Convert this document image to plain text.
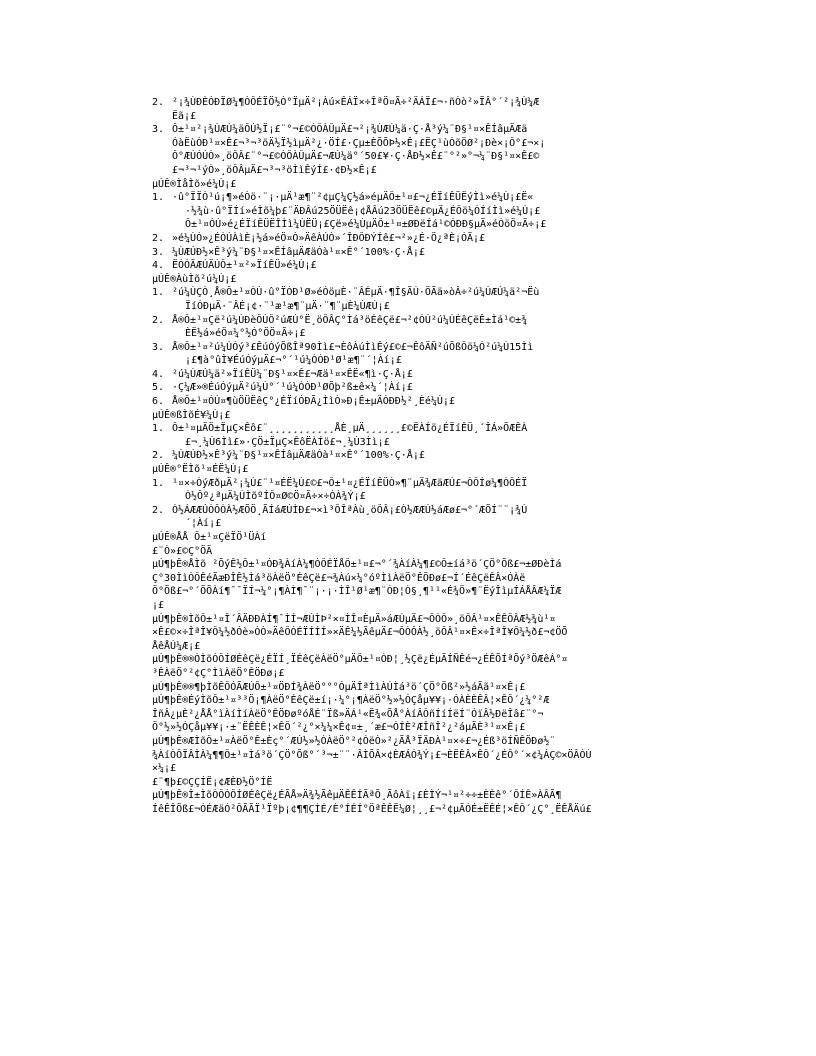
2. ²¡¾ÙÐÈÓÐÏØ¼¶ÒÔÉÏÖ½Ó°ÏµÄ²¡Àú×ÊÁÏ×÷ÎªÖ¤Ã÷²ÄÁÏ£¬·ñÒò²»ÏÂ°´²¡¾Ù¼Æ
Ëã¡£
3. Ô±¹¤²¡¾ÙÆÚ¼äÔÚ½Ï¡£¨°¬£©ÒÔÀÛµÄ£¬²¡¾ÙÆÚ¼ä·Ç·Å³ý¼¨Ð§¹¤×ÊÍâµÄÆä
ÓàËùÓÐ¹¤×Ê£¬³¬³öÄ½Ï½ìµÄ²¿·ÖÍ£·Çµ±ÈÕÕÞ½×Ê¡£ËÇ¹ùÒõÖØ²¡Ðè×¡Ô°£¬×¡
Ô°ÆÚÓÚÒ»¸öÔÂ£¨°¬£©ÒÔÀÛµÄ£¬ÆÚ¼ä°´50£¥·Ç·ÅÐ½×Ê£¨°²»°¬¼¨Ð§¹¤×Ê£©
£¬³¬¹ýÒ»¸öÔÂµÄ£¬³¬³öÌìÊýÍ£·¢Ð½×Ê¡£
µÚÊ®ÌåÌõ»é¼Ù¡£
1. ·û°ÏÏÒ¹ú¡¶»éÒö·¨¡·µÄ¹æ¶¨²¢µÇ¼Ç½á»éµÄÔ±¹¤£¬¿ÉÏíÊÜËýÌì»é¼Ù¡£Ë«
·½¾ù·û°ÏÍí»éÌõ¼þ£¨ÄÐÂú25ÖÜËê¡¢ÅÂú23ÖÜËê£©µÄ¿ÉÔö¼ÓÍíÌì»é¼Ù¡£
Ô±¹¤ÓÚ»é¿ÉÏíÊÜËÎÌì¼ÙËÜ¡£Çë»é¼ÙµÄÔ±¹¤±ØÐëÍá¹©ÓÐÐ§µÄ»éÒöÖ¤Ã÷¡£
2. »é¼ÙÓ»¿ÉÒÚÀìÈ¡½á»éÖ¤Ò»ÄêÀÚÒ»´ÎÐÔÐÝÍê£¬²»¿É·Ö¿ªÈ¡ÓÃ¡£
3. ¼ÙÆÚÐ½×Ê³ý¼¨Ð§¹¤×ÊÍâµÄÆäÓà¹¤×Ê°´100%·Ç·Å¡£
4. ËÓÓÃÆÚÄÚÔ±¹¤²»ÏíÊÜ»é¼Ù¡£
µÚÊ®ÀùÌõ²ú¼Ù¡£
1. ²ú¼ÙÇÒ¸Å®Ô±¹¤ÒÚ·û°ÏÓÐ¹Ø»éÒöµÈ·¨ÂÉµÄ·¶Î§ÃÚ·ÖÃä»òÂ÷²ú¼ÙÆÚ¼ä²¬Ëù
ÏíÓÐµÄ·¨ÂÉ¡¢·¨¹æ¹æ¶¨µÄ·¨¶¨µÈ¼ÙÆÚ¡£
2. Å®Ô±¹¤Çë²ú¼ÙÐèÔÚÔ²úÆÚ°Ë¸öÔÂÇ°Ìá³öÉêÇë£¬²¢ÓÚ²ú¼ÙÉêÇëÊ±Ìá¹©±¾
ÈË½á»éÖ¤¼°½Ó°ÖÖ¤Ã÷¡£
3. Å®Ô±¹¤²ú¼ÙÒý³£ÊúÓýÕßÎª90Ìì£¬ÈôÀúÌìÊý£©£¬ÊôÄÑ²úÕßÔö¼Ó²ú¼Ù15Ìì
¡£¶à°ûÌ¥ÉúÓýµÄ£¬°´¹ú¼ÒÓÐ¹Ø¹æ¶¨´¦Àí¡£
4. ²ú¼ÙÆÚ¼ä²»ÏíÊÜ¼¨Ð§¹¤×Ê£¬Æä¹¤×ÊË«¶ì·Ç·Å¡£
5. ·Ç¼Æ»®ÉúÓýµÄ²ú¼Ù°´¹ú¼ÒÓÐ¹ØÕþ²ß±ê×¼´¦Àí¡£
6. Å®Ô±¹¤ÓÚ¤¶ùÖÜËêÇ°¿ÉÏíÓÐÃ¿ÌìÒ»Ð¡Ê±µÄÓÐÐ½²¸Èé¼Ù¡£
µÚÊ®ßÌõÉ¥¼Ù¡£
1. Ô±¹¤µÄÖ±ÏµÇ×Êô£¨¸¸¸¸¸¸¸¸¸¸¸ÅÈ¸µÄ¸¸¸¸¸¸£©ËÀÍö¿ÉÏíÊÜ¸´ÎÁ»ÕÆÊÀ
£¬¸¼Ù6Ìì£»·ÇÖ±ÏµÇ×ÊôËÀÍö£¬¸¼Ù3Ìì¡£
2. ¼ÙÆÚÐ½×Ê³ý¼¨Ð§¹¤×ÊÍâµÄÆäÓà¹¤×Ê°´100%·Ç·Å¡£
µÚÊ®°ËÌõ¹¤ÉË¼Ù¡£
1. ¹¤×÷ÒýÆðµÄ²¡¼Ù£¨¹¤ÉË¼Ù£©£¬Ô±¹¤¿ÉÏíÊÜÒ»¶¨µÄ¾ÆäÆÚ£¬ÒÔÍø¼¶ÒÔÉÏ
Ò½Ôº¿ªµÄ¼ÙÌõºÍÔ¤Ø©Ö¤Ã÷×÷ÒÀ¾Ý¡£
2. Ò½ÁÆÆÚÒÔÒÀ½ÆÕÖ¸ÃÍáÆÚÌÐ£¬×ì³ÔÎªÀù¸öÔÂ¡£Ò½ÆÆÚ½áÆø£¬°´ÆÕÍ¨¨¡¾Ù
´¦Àí¡£
µÚÊ®ÅÅ Ô±¹¤ÇëÏÖ¹ÜÀí
£¨Ò»£©Ç°ÖÃ
µÚ¶þÊ®ÅÌõ ²ÕýÊ½Ô±¹¤ÓÐ¾ÀíÀ¼¶ÒÔÉÏÅÔ±¹¤£¬°´¾ÀíÀ¼¶£©Ô±íá³ö´ÇÖ°Õß£¬±ØÐèÌá
Ç°30ÌìÒÔÊéÃæÐÎÊ½Ìá³öÀëÖ°ÉêÇë£¬¾Àú×¼°óºÌìÀëÖ°ÊÖÐø£¬Í´ÉêÇëÊÂ×ÓÀë
Ö°Õß£¬°´ÕÕÀí¶¯¯ÏÍ¬¼°¡¶ÀÌ¶¯¨¡·¡·ÌÎ¹Ø¹æ¶¨ÓÐ¦Ò§¸¶¹¹«É¾Ö»¶¨ËýÎìµÍÁÅÂÆ¼ÏÆ
¡£
µÚ¶þÊ®ÌõÔ±¹¤Î´ÂÄÐÐÀÍ¶¯ÌÍ¬ÆÚÌÞ²×¤ÌÎ¤ÈµÄ»áÆÚµÄ£¬ÔÒÔ»¸öÔÂ¹¤×ÊÊÔÂÆ½¾ù¹¤
×Ê£©×÷ÎªÎ¥Ô¼½ðÓè»ÓÒ»ÄêÔÓÉÏÍÍÍ»×ÄÊ¼½ÃêµÄ£¬ÔÒÔÀ½¸öÔÂ¹¤×Ê×÷ÎªÎ¥Ô¼½ð£¬¢ÖÕ
ÅêÅÚ¼Æ¡£
µÚ¶þÊ®®ÒÌõÒÔÍØÉêÇë¿ÉÏÍ¸ÏÉêÇëÀëÖ°µÄÔ±¹¤ÓÐ¦¸½Çë¿ÉµÃÍÑÊé¬¿ÉÊÕÍªÕý³ÖÆêÁ°¤
³ÊÀëÖ°²¢Ç°ÌìÀëÖ°ÊÖÐø¡£
µÚ¶þÊ®®¶þÌõÊÔÓÃÆÚÔ±¹¤ÖÐÍ¾ÀëÖ°°°ÓµÄÎªÌìÀÚÌá³ö´ÇÖ°Õß²»½áÃã¹¤×Ê¡£
µÚ¶þÊ®ÉýÌõÔ±¹¤³³Ö¡¶ÀëÖ°ÉêÇë±í¡·¼°¡¶ÀëÖ°½»½ÓÇåµ¥¥¡·ÓÀÈÈÊÂ¦×ÊÔ´¿¼°²Æ
ÎñÂ¿µÈ²¿ÅÅ°ìÀíÌíÀëÖ°ÊÖÐøºóÅÉ¨Ïß»ÄÁ¹«Ë¾«ÕÅ°ÀíÂÔñÍíÍëÍ¨ÓïÂ½ÐëÎâ£¨°¬
Ö°½»½ÓÇåµ¥¥¡·±¨ËÊÈÊ¦×ÊÔ´²¿°×¼¼×Ê¢¤±¸´æ£¬ÓÍÈ²ÆÎñÎ²¿²áµÃÈ³¹¤×Ê¡£
µÚ¶þÊ®ÆÌõÔ±¹¤ÀëÖ°Ê±Èç°´ÆÚ½»½ÓÀëÖ°²¢ÓëÒ»²¿ÃÅ³ÏÄÐÀ¹¤×÷£¬¿Éß³öÍÑÊÖÐø½¨
¾ÀíÒÔÏÂÌÀ¼¶¶Ô±¹¤Ìá³ö´ÇÖ°Õß°´³¬±¨¨·ÂÌÕÂ×¢ÈÆÁÓ¾Ý¡£¬ÈËÊÂ×ÊÔ´¿ÉÔ°´×¢¼ÁÇ©×ÖÂÓÚ
×¼¡£
£¨¶þ£©ÇÇÍË¡¢ÆÈÐ½Ö°ÍË
µÚ¶þÊ®Î±ÌõÒÔÒÔÍØÉêÇë¿ÉÃÅ»Ä¾½ÃêµÄÊÊÍÃªÕ¸ÃôÀï¡£ÈÌÝ¬¹¤²÷÷±ÈÈê°´ÔÍÊ»ÀÂÃ¶
ÍêÊÎÕß£¬ÓÉÆäÓ²ÔÃÃÏ¹Ïºþ¡¢¶¶ÇÌÉ/È°ÍÉÍ°ÖªÊÊË¼Ø¦¸¸£¬²¢µÃÓÉ±ËÊÉ¦×ÊÔ´¿Ç°¸ËÊÅÄú£
